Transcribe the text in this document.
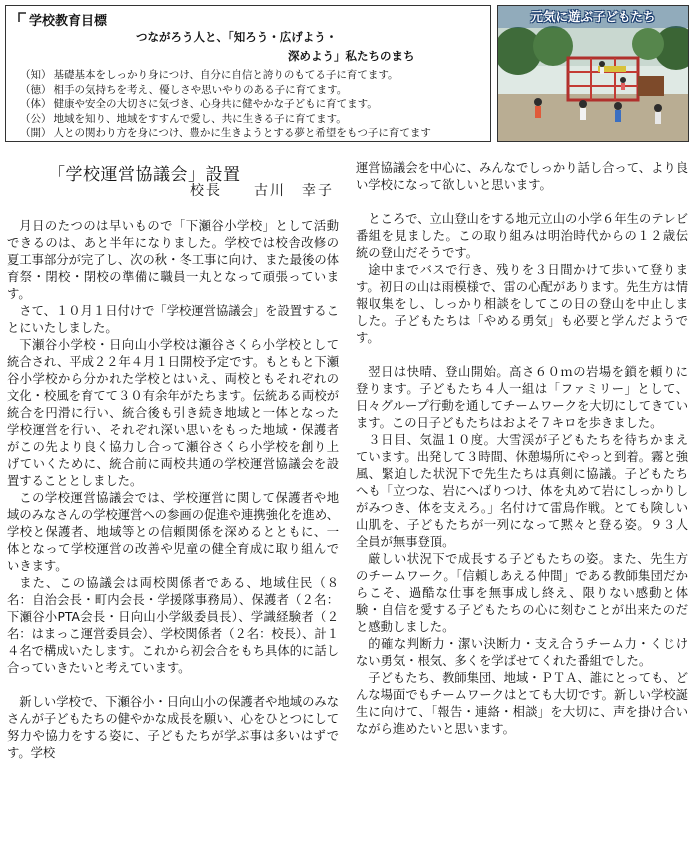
学校教育目標
つながろう人と、「知ろう・広げよう・
深めよう」私たちのまち
（知） 基礎基本をしっかり身につけ、自分に自信と誇りのもてる子に育てます。
（徳） 相手の気持ちを考え、優しさや思いやりのある子に育てます。
（体） 健康や安全の大切さに気づき、心身共に健やかな子どもに育てます。
（公） 地域を知り、地域をすすんで愛し、共に生きる子に育てます。
（開） 人との関わり方を身につけ、豊かに生きようとする夢と希望をもつ子に育てます
元気に遊ぶ子どもたち
「学校運営協議会」設置
校長　　古川　幸子

月日のたつのは早いもので「下瀬谷小学校」として活動できるのは、あと半年になりました。学校では校舎改修の夏工事部分が完了し、次の秋・冬工事に向け、また最後の体育祭・閉校・閉校の準備に職員一丸となって頑張っています。

さて、１０月１日付けで「学校運営協議会」を設置することにいたしました。

下瀬谷小学校・日向山小学校は瀬谷さくら小学校として統合され、平成２２年４月１日開校予定です。もともと下瀬谷小学校から分かれた学校とはいえ、両校ともそれぞれの文化・校風を育てて３０有余年がたちます。伝統ある両校が統合を円滑に行い、統合後も引き続き地域と一体となった学校運営を行い、それぞれ深い思いをもった地域・保護者がこの先より良く協力し合って瀬谷さくら小学校を創り上げていくために、統合前に両校共通の学校運営協議会を設置することとしました。

この学校運営協議会では、学校運営に関して保護者や地域のみなさんの学校運営への参画の促進や連携強化を進め、学校と保護者、地域等との信頼関係を深めるとともに、一体となって学校運営の改善や児童の健全育成に取り組んでいきます。

また、この協議会は両校関係者である、地域住民（８名：自治会長・町内会長・学援隊事務局）、保護者（２名：下瀬谷小PTA会長・日向山小学級委員長）、学識経験者（２名：はまっこ運営委員会）、学校関係者（２名：校長）、計１４名で構成いたします。これから初会合をもち具体的に話し合っていきたいと考えています。

新しい学校で、下瀬谷小・日向山小の保護者や地域のみなさんが子どもたちの健やかな成長を願い、心をひとつにして努力や協力をする姿に、子どもたちが学ぶ事は多いはずです。学校

運営協議会を中心に、みんなでしっかり話し合って、より良い学校になって欲しいと思います。

ところで、立山登山をする地元立山の小学６年生のテレビ番組を見ました。この取り組みは明治時代からの１２歳伝統の登山だそうです。

途中までバスで行き、残りを３日間かけて歩いて登ります。初日の山は雨模様で、雷の心配があります。先生方は情報収集をし、しっかり相談をしてこの日の登山を中止しました。子どもたちは「やめる勇気」も必要と学んだようです。

翌日は快晴、登山開始。高さ６０ｍの岩場を鎖を頼りに登ります。子どもたち４人一組は「ファミリー」として、日々グループ行動を通してチームワークを大切にしてきています。この日子どもたちはおよそ７キロを歩きました。

３日目、気温１０度。大雪渓が子どもたちを待ちかまえています。出発して３時間、休憩場所にやっと到着。霧と強風、緊迫した状況下で先生たちは真剣に協議。子どもたちへも「立つな、岩にへばりつけ、体を丸めて岩にしっかりしがみつき、体を支えろ。」名付けて雷鳥作戦。とても険しい山肌を、子どもたちが一列になって黙々と登る姿。９３人全員が無事登頂。

厳しい状況下で成長する子どもたちの姿。また、先生方のチームワーク。「信頼しあえる仲間」である教師集団だからこそ、過酷な仕事を無事成し終え、限りない感動と体験・自信を愛する子どもたちの心に刻むことが出来たのだと感動しました。

的確な判断力・潔い決断力・支え合うチーム力・くじけない勇気・根気、多くを学ばせてくれた番組でした。

子どもたち、教師集団、地域・ＰＴＡ、誰にとっても、どんな場面でもチームワークはとても大切です。新しい学校誕生に向けて、「報告・連絡・相談」を大切に、声を掛け合いながら進めたいと思います。
